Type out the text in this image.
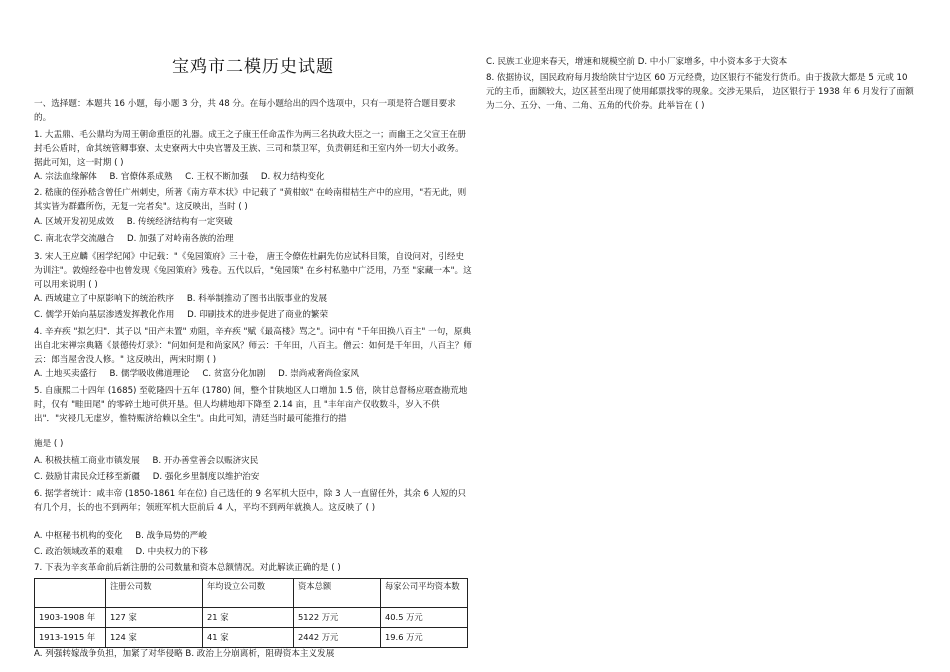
宝鸡市二模历史试题

一、选择题：本题共 16 小题，每小题 3 分，共 48 分。在每小题给出的四个选项中，只有一项是符合题目要求的。

1. 大盂鼎、毛公鼎均为周王朝命重臣的礼器。成王之子康王任命盂作为两三名执政大臣之一；而幽王之父宣王在册封毛公盾时，命其统管卿事寮、太史寮两大中央官署及王族、三司和禁卫军，负责朝廷和王室内外一切大小政务。据此可知，这一时期 ( )

A. 宗法血缘解体 B. 官僚体系成熟 C. 王权不断加强 D. 权力结构变化

2. 嵇康的侄孙嵇含曾任广州刺史，所著《南方草木状》中记载了 "黄柑蚁" 在岭南柑桔生产中的应用，"若无此，则其实皆为群蠹所伤，无复一完者矣"。这反映出，当时 ( )

A. 区域开发初见成效 B. 传统经济结构有一定突破
C. 南北农学交流融合 D. 加强了对岭南各族的治理

3. 宋人王应麟《困学纪闻》中记载："《兔园策府》三十卷， 唐王令僚佐杜嗣先仿应试科目策，自设问对，引经史为训注"。敦煌经卷中也曾发现《兔园策府》残卷。五代以后，"兔园策" 在乡村私塾中广泛用，乃至 "家藏一本"。这可以用来说明 ( )

A. 西域建立了中原影响下的统治秩序 B. 科举制推动了图书出版事业的发展
C. 儒学开始向基层渗透发挥教化作用 D. 印刷技术的进步促进了商业的繁荣

4. 辛弃疾 "拟乞归"．其子以 "田产未置" 劝阻，辛弃疾 "赋《最高楼》骂之"。词中有 "千年田换八百主" 一句，原典出自北宋禅宗典籍《景德传灯录》："问如何是和尚家风？师云：千年田，八百主。僧云：如何是千年田，八百主？师云：郎当屋舍没人修。" 这反映出，两宋时期 ( )

A. 土地买卖盛行 B. 儒学吸收佛道理论 C. 贫富分化加剧 D. 崇尚戒奢尚俭家风

5. 自康熙二十四年 (1685) 至乾隆四十五年 (1780) 间，整个甘陕地区人口增加 1.5 倍，陕甘总督杨应琚查勘荒地时，仅有 "畦田尾" 的零碎土地可供开垦。但人均耕地却下降至 2.14 亩，且 "丰年亩产仅收数斗，岁入不供出"．"灾祲几无虚岁，惟特赈济给赖以全生"。由此可知，清廷当时最可能推行的措

施是 ( )

A. 积极扶植工商业市镇发展 B. 开办善堂善会以赈济灾民
C. 鼓励甘肃民众迁移至新疆 D. 强化乡里制度以维护治安

6. 据学者统计：咸丰帝 (1850-1861 年在位) 自己选任的 9 名军机大臣中，除 3 人一直留任外，其余 6 人短的只有几个月，长的也不到两年；领班军机大臣前后 4 人，平均不到两年就换人。这反映了 ( )

A. 中枢秘书机构的变化 B. 战争局势的严峻
C. 政治领域改革的艰难 D. 中央权力的下移

7. 下表为辛亥革命前后新注册的公司数量和资本总额情况。对此解读正确的是 ( )

	注册公司数	年均设立公司数	资本总额	每家公司平均资本数
1903-1908 年	127 家	21 家	5122 万元	40.5 万元
1913-1915 年	124 家	41 家	2442 万元	19.6 万元
A. 列强转嫁战争负担，加紧了对华侵略 B. 政治上分崩离析，阻碍资本主义发展
C. 民族工业迎来春天，增速和规模空前 D. 中小厂家增多，中小资本多于大资本

8. 依据协议，国民政府每月拨给陕甘宁边区 60 万元经费，边区银行不能发行货币。由于拨款大都是 5 元或 10 元的主币，面额较大，边区甚至出现了使用邮票找零的现象。交涉无果后， 边区银行于 1938 年 6 月发行了面额为二分、五分、一角、二角、五角的代价券。此举旨在 ( )
